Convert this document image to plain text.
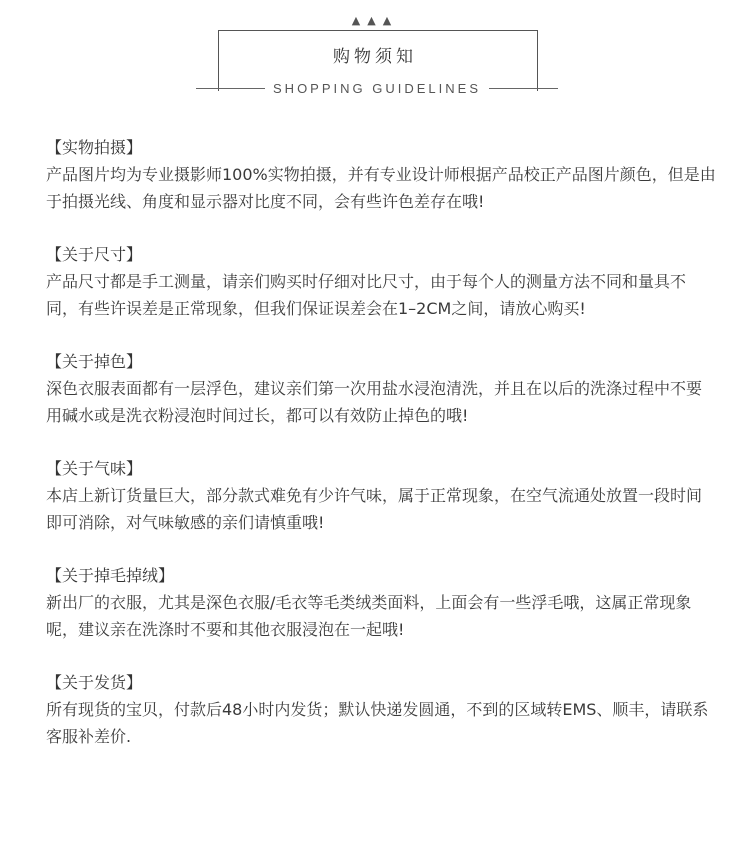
▲▲▲
购物须知
SHOPPING GUIDELINES
【实物拍摄】

产品图片均为专业摄影师100%实物拍摄，并有专业设计师根据产品校正产品图片颜色，但是由于拍摄光线、角度和显示器对比度不同，会有些许色差存在哦!

【关于尺寸】

产品尺寸都是手工测量，请亲们购买时仔细对比尺寸，由于每个人的测量方法不同和量具不同，有些许误差是正常现象，但我们保证误差会在1–2CM之间，请放心购买!

【关于掉色】

深色衣服表面都有一层浮色，建议亲们第一次用盐水浸泡清洗，并且在以后的洗涤过程中不要用碱水或是洗衣粉浸泡时间过长，都可以有效防止掉色的哦!

【关于气味】

本店上新订货量巨大，部分款式难免有少许气味，属于正常现象，在空气流通处放置一段时间即可消除，对气味敏感的亲们请慎重哦!

【关于掉毛掉绒】

新出厂的衣服，尤其是深色衣服/毛衣等毛类绒类面料，上面会有一些浮毛哦，这属正常现象呢，建议亲在洗涤时不要和其他衣服浸泡在一起哦!

【关于发货】

所有现货的宝贝，付款后48小时内发货；默认快递发圆通，不到的区域转EMS、顺丰，请联系客服补差价.
